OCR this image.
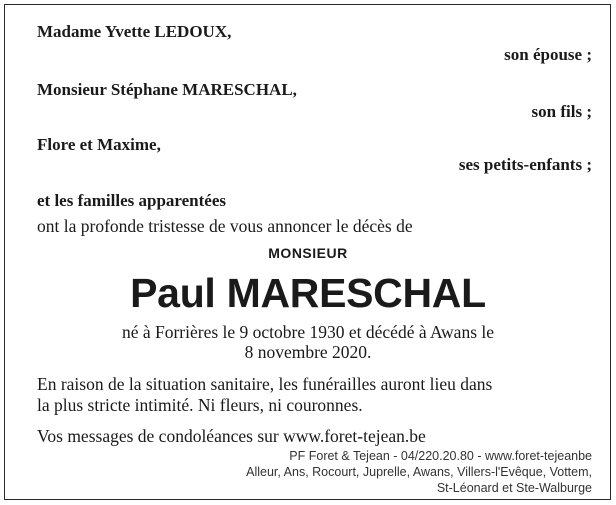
Madame Yvette LEDOUX,
son épouse ;
Monsieur Stéphane MARESCHAL,
son fils ;
Flore et Maxime,
ses petits-enfants ;
et les familles apparentées
ont la profonde tristesse de vous annoncer le décès de
MONSIEUR
Paul MARESCHAL
né à Forrières le 9 octobre 1930 et décédé à Awans le
8 novembre 2020.
En raison de la situation sanitaire, les funérailles auront lieu dans
la plus stricte intimité. Ni fleurs, ni couronnes.
Vos messages de condoléances sur www.foret-tejean.be
PF Foret & Tejean - 04/220.20.80 - www.foret-tejeanbe
Alleur, Ans, Rocourt, Juprelle, Awans, Villers-l'Evêque, Vottem,
St-Léonard et Ste-Walburge
